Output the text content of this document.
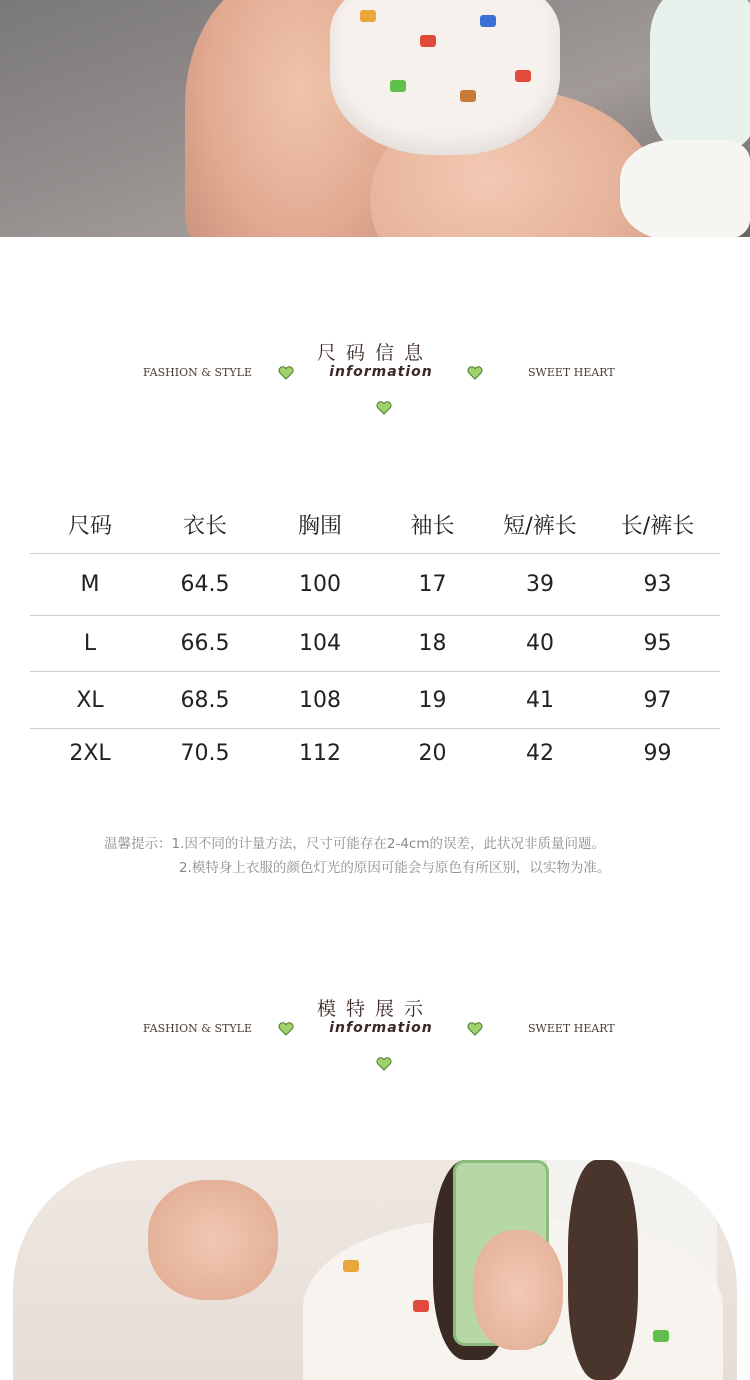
尺码信息
FASHION & STYLE	information	SWEET HEART
尺码	衣长	胸围	袖长	短/裤长	长/裤长
M	64.5	100	17	39	93
L	66.5	104	18	40	95
XL	68.5	108	19	41	97
2XL	70.5	112	20	42	99
温馨提示：1.因不同的计量方法，尺寸可能存在2-4cm的误差，此状况非质量问题。
2.模特身上衣服的颜色灯光的原因可能会与原色有所区别，以实物为准。
模特展示
FASHION & STYLE	information	SWEET HEART
